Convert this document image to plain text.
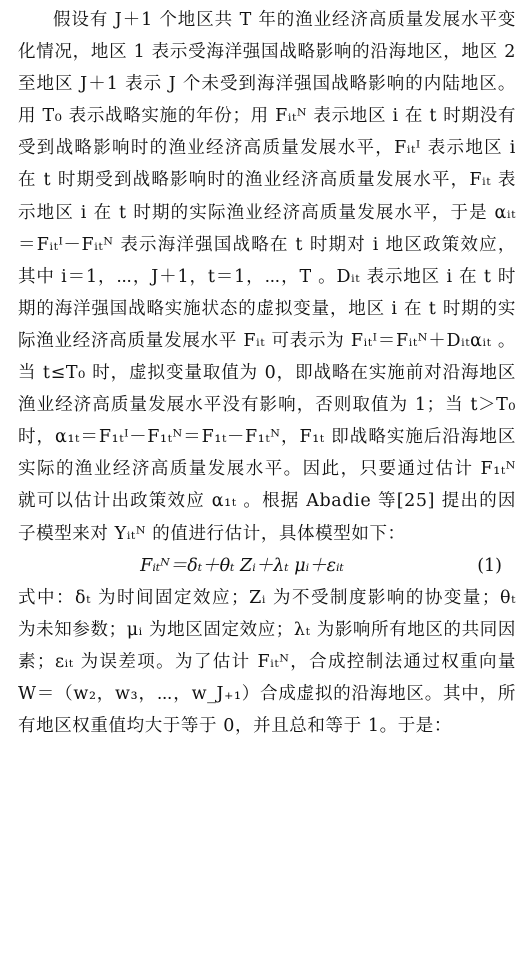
假设有 J＋1 个地区共 T 年的渔业经济高质量发展水平变化情况，地区 1 表示受海洋强国战略影响的沿海地区，地区 2 至地区 J＋1 表示 J 个未受到海洋强国战略影响的内陆地区。用 T₀ 表示战略实施的年份；用 Fᵢₜᴺ 表示地区 i 在 t 时期没有受到战略影响时的渔业经济高质量发展水平，Fᵢₜᴵ 表示地区 i 在 t 时期受到战略影响时的渔业经济高质量发展水平，Fᵢₜ 表示地区 i 在 t 时期的实际渔业经济高质量发展水平，于是 αᵢₜ＝Fᵢₜᴵ－Fᵢₜᴺ 表示海洋强国战略在 t 时期对 i 地区政策效应，其中 i＝1，⋯，J＋1，t＝1，⋯，T 。Dᵢₜ 表示地区 i 在 t 时期的海洋强国战略实施状态的虚拟变量，地区 i 在 t 时期的实际渔业经济高质量发展水平 Fᵢₜ 可表示为 Fᵢₜᴵ＝Fᵢₜᴺ＋Dᵢₜαᵢₜ 。当 t≤T₀ 时，虚拟变量取值为 0，即战略在实施前对沿海地区渔业经济高质量发展水平没有影响，否则取值为 1；当 t＞T₀ 时，α₁ₜ＝F₁ₜᴵ－F₁ₜᴺ＝F₁ₜ－F₁ₜᴺ，F₁ₜ 即战略实施后沿海地区实际的渔业经济高质量发展水平。因此，只要通过估计 F₁ₜᴺ 就可以估计出政策效应 α₁ₜ 。根据 Abadie 等[25] 提出的因子模型来对 Yᵢₜᴺ 的值进行估计，具体模型如下：

Fᵢₜᴺ＝δₜ＋θₜ Zᵢ＋λₜ μᵢ＋εᵢₜ	(1)

式中：δₜ 为时间固定效应；Zᵢ 为不受制度影响的协变量；θₜ 为未知参数；μᵢ 为地区固定效应；λₜ 为影响所有地区的共同因素；εᵢₜ 为误差项。为了估计 Fᵢₜᴺ，合成控制法通过权重向量 W＝（w₂，w₃，⋯，w_J₊₁）合成虚拟的沿海地区。其中，所有地区权重值均大于等于 0，并且总和等于 1。于是：
